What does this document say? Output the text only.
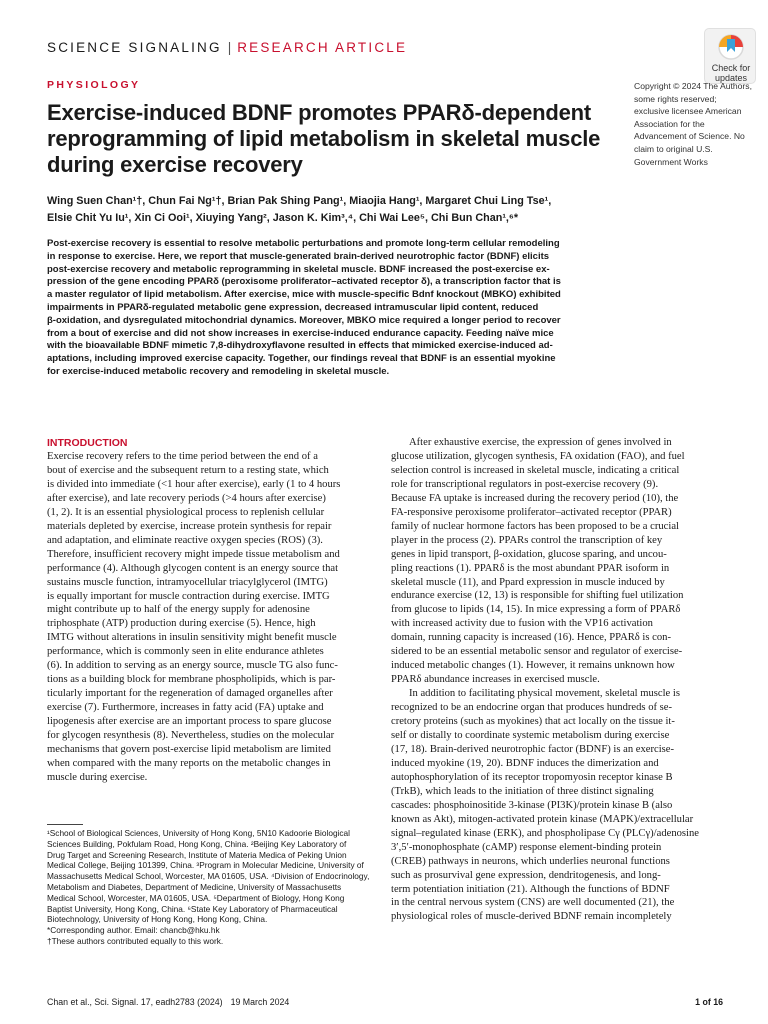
SCIENCE SIGNALING | RESEARCH ARTICLE
Check for
updates
Copyright © 2024 The Authors, some rights reserved; exclusive licensee American Association for the Advancement of Science. No claim to original U.S. Government Works
PHYSIOLOGY
Exercise-induced BDNF promotes PPARδ-dependent
reprogramming of lipid metabolism in skeletal muscle
during exercise recovery
Wing Suen Chan¹†, Chun Fai Ng¹†, Brian Pak Shing Pang¹, Miaojia Hang¹, Margaret Chui Ling Tse¹,
Elsie Chit Yu Iu¹, Xin Ci Ooi¹, Xiuying Yang², Jason K. Kim³,⁴, Chi Wai Lee⁵, Chi Bun Chan¹,⁶*
Post-exercise recovery is essential to resolve metabolic perturbations and promote long-term cellular remodeling
in response to exercise. Here, we report that muscle-generated brain-derived neurotrophic factor (BDNF) elicits
post-exercise recovery and metabolic reprogramming in skeletal muscle. BDNF increased the post-exercise ex-
pression of the gene encoding PPARδ (peroxisome proliferator–activated receptor δ), a transcription factor that is
a master regulator of lipid metabolism. After exercise, mice with muscle-specific Bdnf knockout (MBKO) exhibited
impairments in PPARδ-regulated metabolic gene expression, decreased intramuscular lipid content, reduced
β-oxidation, and dysregulated mitochondrial dynamics. Moreover, MBKO mice required a longer period to recover
from a bout of exercise and did not show increases in exercise-induced endurance capacity. Feeding naïve mice
with the bioavailable BDNF mimetic 7,8-dihydroxyflavone resulted in effects that mimicked exercise-induced ad-
aptations, including improved exercise capacity. Together, our findings reveal that BDNF is an essential myokine
for exercise-induced metabolic recovery and remodeling in skeletal muscle.
INTRODUCTION
Exercise recovery refers to the time period between the end of a
bout of exercise and the subsequent return to a resting state, which
is divided into immediate (<1 hour after exercise), early (1 to 4 hours
after exercise), and late recovery periods (>4 hours after exercise)
(1, 2). It is an essential physiological process to replenish cellular
materials depleted by exercise, increase protein synthesis for repair
and adaptation, and eliminate reactive oxygen species (ROS) (3).
Therefore, insufficient recovery might impede tissue metabolism and
performance (4). Although glycogen content is an energy source that
sustains muscle function, intramyocellular triacylglycerol (IMTG)
is equally important for muscle contraction during exercise. IMTG
might contribute up to half of the energy supply for adenosine
triphosphate (ATP) production during exercise (5). Hence, high
IMTG without alterations in insulin sensitivity might benefit muscle
performance, which is commonly seen in elite endurance athletes
(6). In addition to serving as an energy source, muscle TG also func-
tions as a building block for membrane phospholipids, which is par-
ticularly important for the regeneration of damaged organelles after
exercise (7). Furthermore, increases in fatty acid (FA) uptake and
lipogenesis after exercise are an important process to spare glucose
for glycogen resynthesis (8). Nevertheless, studies on the molecular
mechanisms that govern post-exercise lipid metabolism are limited
when compared with the many reports on the metabolic changes in
muscle during exercise.
After exhaustive exercise, the expression of genes involved in
glucose utilization, glycogen synthesis, FA oxidation (FAO), and fuel
selection control is increased in skeletal muscle, indicating a critical
role for transcriptional regulators in post-exercise recovery (9).
Because FA uptake is increased during the recovery period (10), the
FA-responsive peroxisome proliferator–activated receptor (PPAR)
family of nuclear hormone factors has been proposed to be a crucial
player in the process (2). PPARs control the transcription of key
genes in lipid transport, β-oxidation, glucose sparing, and uncou-
pling reactions (1). PPARδ is the most abundant PPAR isoform in
skeletal muscle (11), and Ppard expression in muscle induced by
endurance exercise (12, 13) is responsible for shifting fuel utilization
from glucose to lipids (14, 15). In mice expressing a form of PPARδ
with increased activity due to fusion with the VP16 activation
domain, running capacity is increased (16). Hence, PPARδ is con-
sidered to be an essential metabolic sensor and regulator of exercise-
induced metabolic changes (1). However, it remains unknown how
PPARδ abundance increases in exercised muscle.
In addition to facilitating physical movement, skeletal muscle is
recognized to be an endocrine organ that produces hundreds of se-
cretory proteins (such as myokines) that act locally on the tissue it-
self or distally to coordinate systemic metabolism during exercise
(17, 18). Brain-derived neurotrophic factor (BDNF) is an exercise-
induced myokine (19, 20). BDNF induces the dimerization and
autophosphorylation of its receptor tropomyosin receptor kinase B
(TrkB), which leads to the initiation of three distinct signaling
cascades: phosphoinositide 3-kinase (PI3K)/protein kinase B (also
known as Akt), mitogen-activated protein kinase (MAPK)/extracellular
signal–regulated kinase (ERK), and phospholipase Cγ (PLCγ)/adenosine
3′,5′-monophosphate (cAMP) response element-binding protein
(CREB) pathways in neurons, which underlies neuronal functions
such as prosurvival gene expression, dendritogenesis, and long-
term potentiation initiation (21). Although the functions of BDNF
in the central nervous system (CNS) are well documented (21), the
physiological roles of muscle-derived BDNF remain incompletely
¹School of Biological Sciences, University of Hong Kong, 5N10 Kadoorie Biological
Sciences Building, Pokfulam Road, Hong Kong, China. ²Beijing Key Laboratory of
Drug Target and Screening Research, Institute of Materia Medica of Peking Union
Medical College, Beijing 101399, China. ³Program in Molecular Medicine, University of
Massachusetts Medical School, Worcester, MA 01605, USA. ⁴Division of Endocrinology,
Metabolism and Diabetes, Department of Medicine, University of Massachusetts
Medical School, Worcester, MA 01605, USA. ⁵Department of Biology, Hong Kong
Baptist University, Hong Kong, China. ⁶State Key Laboratory of Pharmaceutical
Biotechnology, University of Hong Kong, Hong Kong, China.
*Corresponding author. Email: chancb@hku.hk
†These authors contributed equally to this work.
Chan et al., Sci. Signal. 17, eadh2783 (2024) 19 March 2024	1 of 16
